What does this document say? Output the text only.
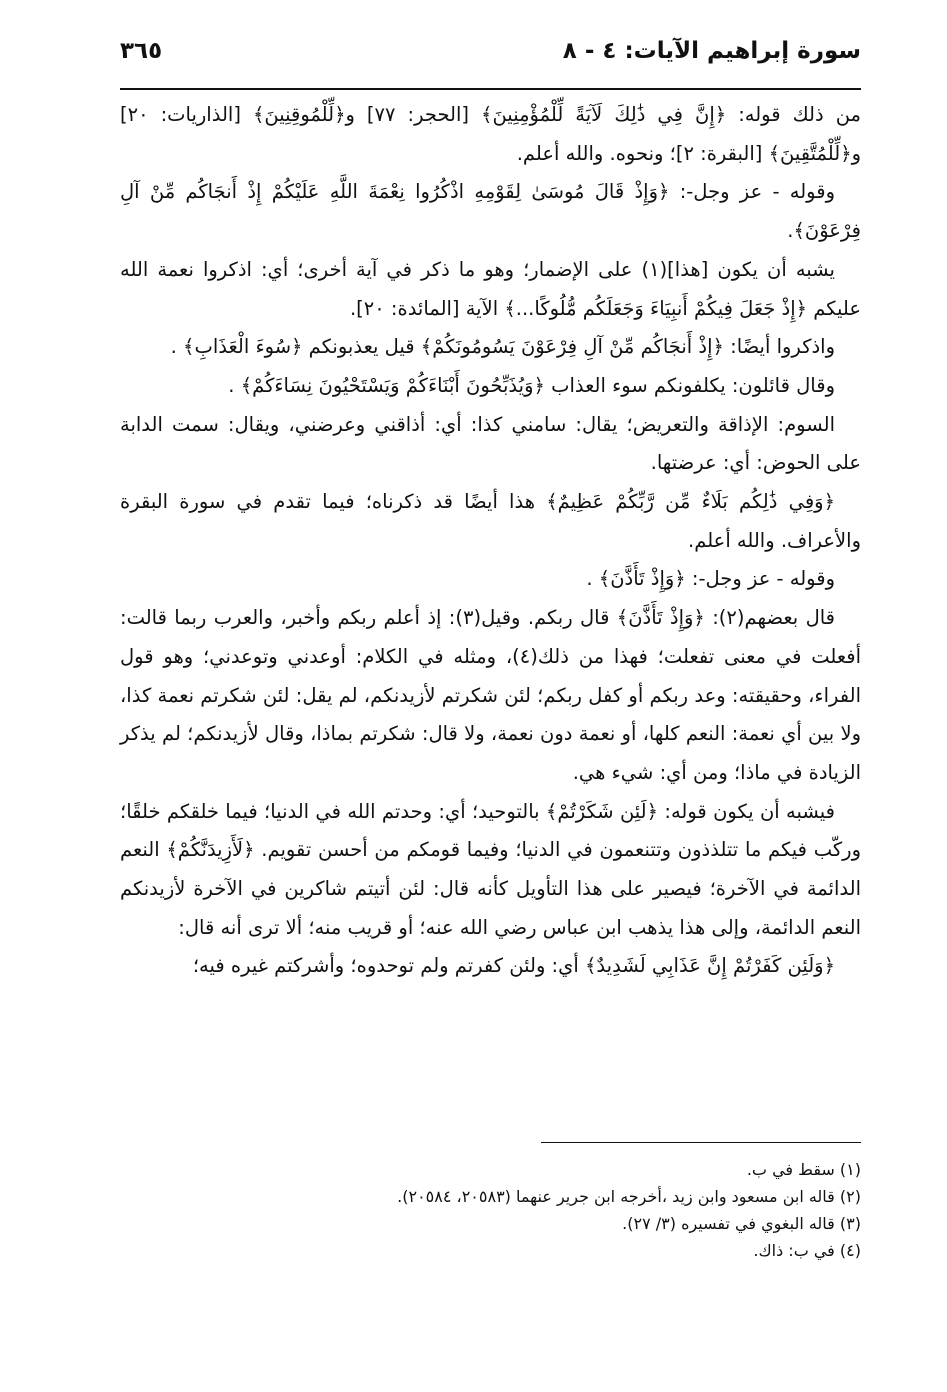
سورة إبراهيم الآيات: ٤ - ٨
٣٦٥

من ذلك قوله: ﴿إِنَّ فِي ذَٰلِكَ لَآيَةً لِّلْمُؤْمِنِينَ﴾ [الحجر: ٧٧] و﴿لِّلْمُوقِنِينَ﴾ [الذاريات: ٢٠] و﴿لِّلْمُتَّقِينَ﴾ [البقرة: ٢]؛ ونحوه. والله أعلم.

وقوله - عز وجل-: ﴿وَإِذْ قَالَ مُوسَىٰ لِقَوْمِهِ اذْكُرُوا نِعْمَةَ اللَّهِ عَلَيْكُمْ إِذْ أَنجَاكُم مِّنْ آلِ فِرْعَوْنَ﴾.

يشبه أن يكون [هذا](١) على الإضمار؛ وهو ما ذكر في آية أخرى؛ أي: اذكروا نعمة الله عليكم ﴿إِذْ جَعَلَ فِيكُمْ أَنبِيَاءَ وَجَعَلَكُم مُّلُوكًا...﴾ الآية [المائدة: ٢٠].

واذكروا أيضًا: ﴿إِذْ أَنجَاكُم مِّنْ آلِ فِرْعَوْنَ يَسُومُونَكُمْ﴾ قيل يعذبونكم ﴿سُوءَ الْعَذَابِ﴾ .

وقال قائلون: يكلفونكم سوء العذاب ﴿وَيُذَبِّحُونَ أَبْنَاءَكُمْ وَيَسْتَحْيُونَ نِسَاءَكُمْ﴾ .

السوم: الإذاقة والتعريض؛ يقال: سامني كذا: أي: أذاقني وعرضني، ويقال: سمت الدابة على الحوض: أي: عرضتها.

﴿وَفِي ذَٰلِكُم بَلَاءٌ مِّن رَّبِّكُمْ عَظِيمٌ﴾ هذا أيضًا قد ذكرناه؛ فيما تقدم في سورة البقرة والأعراف. والله أعلم.

وقوله - عز وجل-: ﴿وَإِذْ تَأَذَّنَ﴾ .

قال بعضهم(٢): ﴿وَإِذْ تَأَذَّنَ﴾ قال ربكم. وقيل(٣): إذ أعلم ربكم وأخبر، والعرب ربما قالت: أفعلت في معنى تفعلت؛ فهذا من ذلك(٤)، ومثله في الكلام: أوعدني وتوعدني؛ وهو قول الفراء، وحقيقته: وعد ربكم أو كفل ربكم؛ لئن شكرتم لأزيدنكم، لم يقل: لئن شكرتم نعمة كذا، ولا بين أي نعمة: النعم كلها، أو نعمة دون نعمة، ولا قال: شكرتم بماذا، وقال لأزيدنكم؛ لم يذكر الزيادة في ماذا؛ ومن أي: شيء هي.

فيشبه أن يكون قوله: ﴿لَئِن شَكَرْتُمْ﴾ بالتوحيد؛ أي: وحدتم الله في الدنيا؛ فيما خلقكم خلقًا؛ وركّب فيكم ما تتلذذون وتتنعمون في الدنيا؛ وفيما قومكم من أحسن تقويم. ﴿لَأَزِيدَنَّكُمْ﴾ النعم الدائمة في الآخرة؛ فيصير على هذا التأويل كأنه قال: لئن أتيتم شاكرين في الآخرة لأزيدنكم النعم الدائمة، وإلى هذا يذهب ابن عباس رضي الله عنه؛ أو قريب منه؛ ألا ترى أنه قال:

﴿وَلَئِن كَفَرْتُمْ إِنَّ عَذَابِي لَشَدِيدٌ﴾ أي: ولئن كفرتم ولم توحدوه؛ وأشركتم غيره فيه؛

(١) سقط في ب.
(٢) قاله ابن مسعود وابن زيد ،أخرجه ابن جرير عنهما (٢٠٥٨٣، ٢٠٥٨٤).
(٣) قاله البغوي في تفسيره (٣/ ٢٧).
(٤) في ب: ذاك.
